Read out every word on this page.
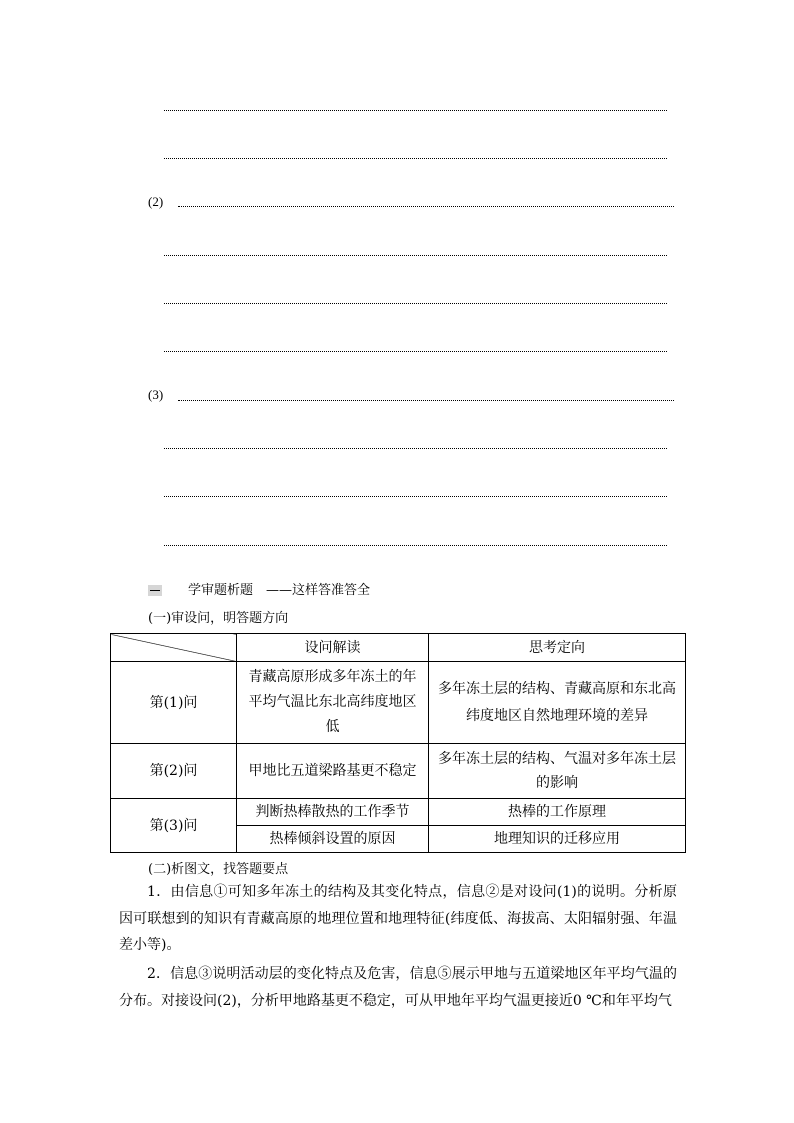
(2)
(3)
学审题析题　——这样答准答全
(一)审设问，明答题方向
	设问解读	思考定向
第(1)问	青藏高原形成多年冻土的年平均气温比东北高纬度地区低	多年冻土层的结构、青藏高原和东北高纬度地区自然地理环境的差异
第(2)问	甲地比五道梁路基更不稳定	多年冻土层的结构、气温对多年冻土层的影响
第(3)问	判断热棒散热的工作季节	热棒的工作原理
	热棒倾斜设置的原因	地理知识的迁移应用
(二)析图文，找答题要点

1．由信息①可知多年冻土的结构及其变化特点，信息②是对设问(1)的说明。分析原因可联想到的知识有青藏高原的地理位置和地理特征(纬度低、海拔高、太阳辐射强、年温差小等)。

2．信息③说明活动层的变化特点及危害，信息⑤展示甲地与五道梁地区年平均气温的分布。对接设问(2)，分析甲地路基更不稳定，可从甲地年平均气温更接近0 ℃和年平均气
